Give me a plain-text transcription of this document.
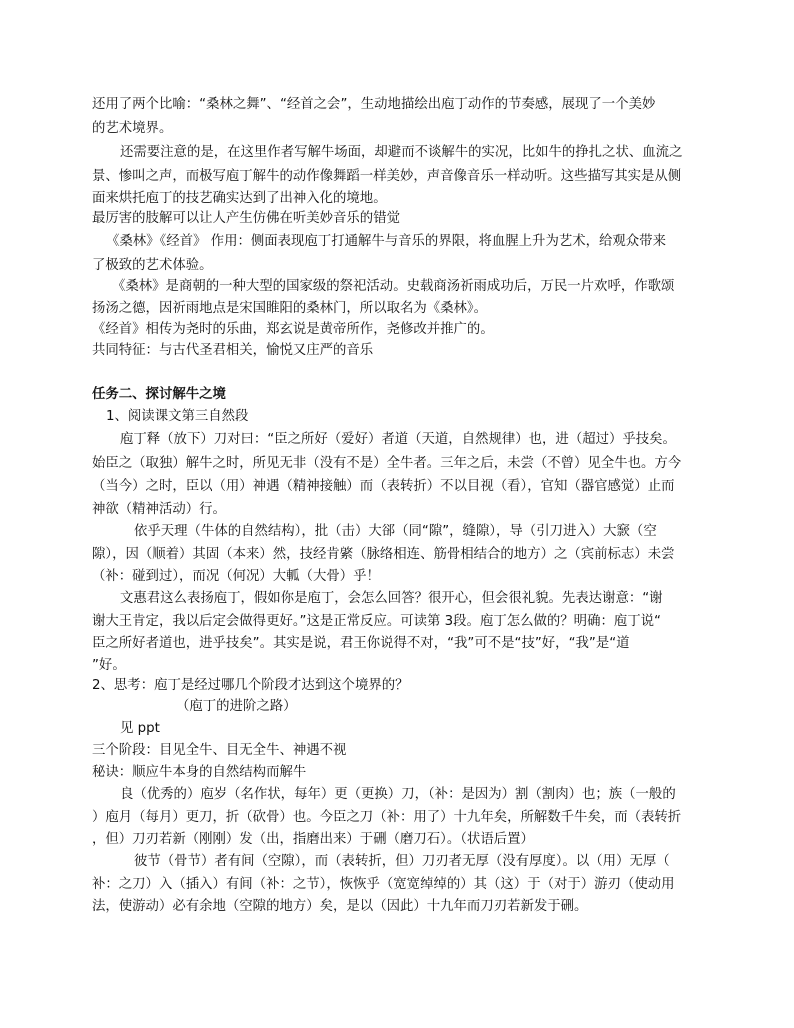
还用了两个比喻：“桑林之舞”、“经首之会”，生动地描绘出庖丁动作的节奏感，展现了一个美妙
的艺术境界。
还需要注意的是，在这里作者写解牛场面，却避而不谈解牛的实况，比如牛的挣扎之状、血流之
景、惨叫之声，而极写庖丁解牛的动作像舞蹈一样美妙，声音像音乐一样动听。这些描写其实是从侧
面来烘托庖丁的技艺确实达到了出神入化的境地。
最厉害的肢解可以让人产生仿佛在听美妙音乐的错觉
《桑林》《经首》 作用：侧面表现庖丁打通解牛与音乐的界限，将血腥上升为艺术，给观众带来
了极致的艺术体验。
《桑林》是商朝的一种大型的国家级的祭祀活动。史载商汤祈雨成功后，万民一片欢呼，作歌颂
扬汤之德，因祈雨地点是宋国睢阳的桑林门，所以取名为《桑林》。
《经首》相传为尧时的乐曲，郑玄说是黄帝所作，尧修改并推广的。
共同特征：与古代圣君相关，愉悦又庄严的音乐
任务二、探讨解牛之境
1、阅读课文第三自然段
庖丁释（放下）刀对曰：“臣之所好（爱好）者道（天道，自然规律）也，进（超过）乎技矣。
始臣之（取独）解牛之时，所见无非（没有不是）全牛者。三年之后，未尝（不曾）见全牛也。方今
（当今）之时，臣以（用）神遇（精神接触）而（表转折）不以目视（看），官知（器官感觉）止而
神欲（精神活动）行。
依乎天理（牛体的自然结构），批（击）大郤（同“隙”，缝隙），导（引刀进入）大窾（空
隙），因（顺着）其固（本来）然，技经肯綮（脉络相连、筋骨相结合的地方）之（宾前标志）未尝
（补：碰到过），而况（何况）大軱（大骨）乎！
文惠君这么表扬庖丁，假如你是庖丁，会怎么回答？很开心，但会很礼貌。先表达谢意：“谢
谢大王肯定，我以后定会做得更好。”这是正常反应。可读第 3段。庖丁怎么做的？明确：庖丁说“
臣之所好者道也，进乎技矣”。其实是说，君王你说得不对，“我”可不是“技”好，“我”是“道
”好。
2、思考：庖丁是经过哪几个阶段才达到这个境界的？
（庖丁的进阶之路）
见 ppt
三个阶段：目见全牛、目无全牛、神遇不视
秘诀：顺应牛本身的自然结构而解牛
良（优秀的）庖岁（名作状，每年）更（更换）刀，（补：是因为）割（割肉）也；族（一般的
）庖月（每月）更刀，折（砍骨）也。今臣之刀（补：用了）十九年矣，所解数千牛矣，而（表转折
，但）刀刃若新（刚刚）发（出，指磨出来）于硎（磨刀石）。（状语后置）
彼节（骨节）者有间（空隙），而（表转折，但）刀刃者无厚（没有厚度）。以（用）无厚（
补：之刀）入（插入）有间（补：之节），恢恢乎（宽宽绰绰的）其（这）于（对于）游刃（使动用
法，使游动）必有余地（空隙的地方）矣，是以（因此）十九年而刀刃若新发于硎。
